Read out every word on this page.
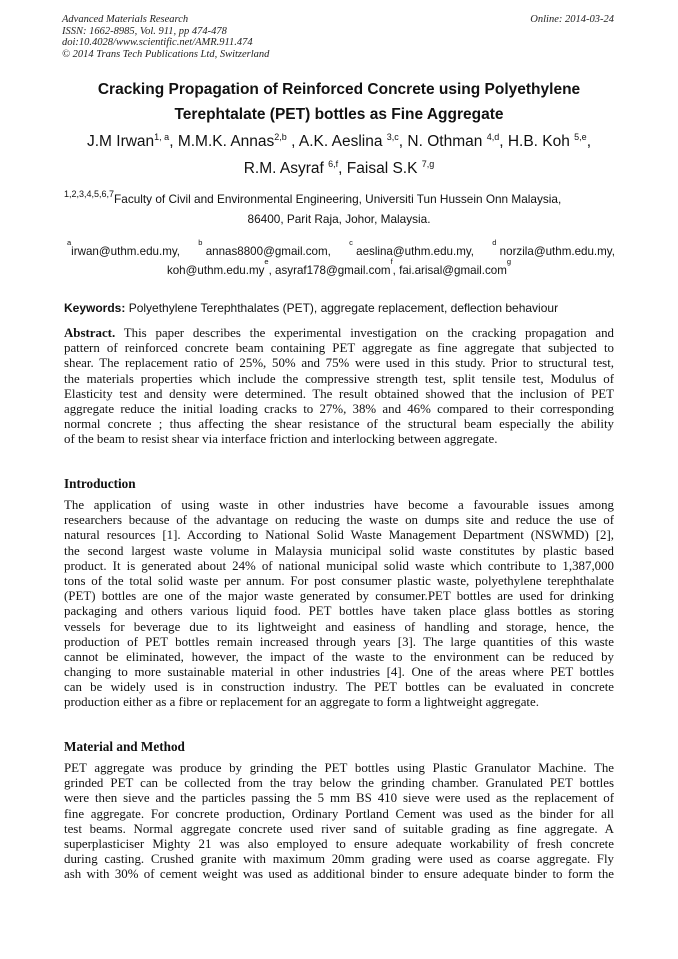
Advanced Materials Research
ISSN: 1662-8985, Vol. 911, pp 474-478
doi:10.4028/www.scientific.net/AMR.911.474
© 2014 Trans Tech Publications Ltd, Switzerland
Online: 2014-03-24
Cracking Propagation of Reinforced Concrete using Polyethylene
Terephtalate (PET) bottles as Fine Aggregate
J.M Irwan$^{1, a}$, M.M.K. Annas$^{2,b}$ , A.K. Aeslina $^{3,c}$, N. Othman $^{4,d}$, H.B. Koh $^{5,e}$,
R.M. Asyraf $^{6,f}$, Faisal S.K $^{7,g}$
$^{1,2,3,4,5,6,7}$Faculty of Civil and Environmental Engineering, Universiti Tun Hussein Onn Malaysia,
86400, Parit Raja, Johor, Malaysia.
$^a$irwan@uthm.edu.my,
$^b$ annas8800@gmail.com,
$^c$ aeslina@uthm.edu.my,
$^d$ norzila@uthm.edu.my,
$koh@uthm.edu.my^e$, asyraf178@gmail.com$^f$, fai.arisal@gmail.com$^g$
Keywords: Polyethylene Terephthalates (PET), aggregate replacement, deflection behaviour
Abstract. This paper describes the experimental investigation on the cracking propagation and
pattern of reinforced concrete beam containing PET aggregate as fine aggregate that subjected to
shear. The replacement ratio of 25%, 50% and 75% were used in this study. Prior to structural test,
the materials properties which include the compressive strength test, split tensile test, Modulus of
Elasticity test and density were determined. The result obtained showed that the inclusion of PET
aggregate reduce the initial loading cracks to 27%, 38% and 46% compared to their corresponding
normal concrete ; thus affecting the shear resistance of the structural beam especially the ability
of the beam to resist shear via interface friction and interlocking between aggregate.
Introduction
The application of using waste in other industries have become a favourable issues among
researchers because of the advantage on reducing the waste on dumps site and reduce the use of
natural resources [1]. According to National Solid Waste Management Department (NSWMD) [2],
the second largest waste volume in Malaysia municipal solid waste constitutes by plastic based
product. It is generated about 24% of national municipal solid waste which contribute to 1,387,000
tons of the total solid waste per annum. For post consumer plastic waste, polyethylene terephthalate
(PET) bottles are one of the major waste generated by consumer.PET bottles are used for drinking
packaging and others various liquid food. PET bottles have taken place glass bottles as storing
vessels for beverage due to its lightweight and easiness of handling and storage, hence, the
production of PET bottles remain increased through years [3]. The large quantities of this waste
cannot be eliminated, however, the impact of the waste to the environment can be reduced by
changing to more sustainable material in other industries [4]. One of the areas where PET bottles
can be widely used is in construction industry. The PET bottles can be evaluated in concrete
production either as a fibre or replacement for an aggregate to form a lightweight aggregate.
Material and Method
PET aggregate was produce by grinding the PET bottles using Plastic Granulator Machine. The
grinded PET can be collected from the tray below the grinding chamber. Granulated PET bottles
were then sieve and the particles passing the 5 mm BS 410 sieve were used as the replacement of
fine aggregate. For concrete production, Ordinary Portland Cement was used as the binder for all
test beams. Normal aggregate concrete used river sand of suitable grading as fine aggregate. A
superplasticiser Mighty 21 was also employed to ensure adequate workability of fresh concrete
during casting. Crushed granite with maximum 20mm grading were used as coarse aggregate. Fly
ash with 30% of cement weight was used as additional binder to ensure adequate binder to form the
